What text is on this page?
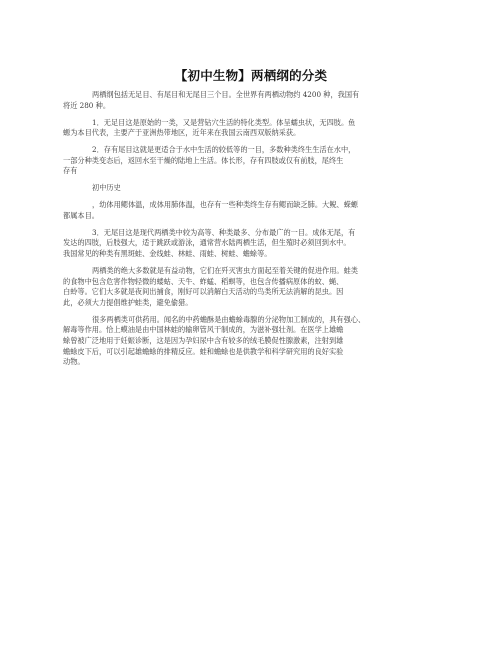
【初中生物】两栖纲的分类

两栖纲包括无足目、有尾目和无尾目三个目。全世界有两栖动物约 4200 种，我国有
将近 280 种。

1．无足目这是原始的一类，又是营钻穴生活的特化类型。体呈蠕虫状，无四肢。鱼
螈为本目代表，主要产于亚洲热带地区，近年来在我国云南西双版纳采获。

2．存有尾目这就是更适合于水中生活的较低等的一目，多数种类终生生活在水中，
一部分种类变态后，返回水至干燥的陆地上生活。体长形，存有四肢或仅有前肢，尾终生
存有

初中历史

，幼体用鳃体温，成体用肺体温，也存有一些种类终生存有鳃而缺乏肺。大鲵、蝾螈
都属本目。

3．无尾目这是现代两栖类中较为高等、种类最多、分布最广的一目。成体无尾，有
发达的四肢，后肢强大，适于跳跃或游泳，通常营水陆两栖生活，但生殖时必须回到水中。
我国常见的种类有黑斑蛙、金线蛙、林蛙、雨蛙、树蛙、蟾蜍等。

两栖类的绝大多数就是有益动物，它们在歼灭害虫方面起至着关键的促进作用。蛙类
的食物中包含危害作物轻微的蝼蛄、天牛、蚱蜢、稻螟等，也包含传播病原体的蚊、蝇、
白蛉等。它们大多就是夜间出捕食，刚好可以消解白天活动的鸟类所无法消解的昆虫。因
此，必须大力提倡维护蛙类，避免偷猎。

很多两栖类可供药用。闻名的中药蟾酥是由蟾蜍毒腺的分泌物加工制成的，具有强心、
解毒等作用。恰上蟆油是由中国林蛙的输卵管风干制成的，为滋补强壮剂。在医学上雄蟾
蜍曾被广泛地用于妊娠诊断，这是因为孕妇尿中含有较多的绒毛膜促性腺激素，注射到雄
蟾蜍皮下后，可以引起雄蟾蜍的排精反应。蛙和蟾蜍也是供教学和科学研究用的良好实验
动物。
